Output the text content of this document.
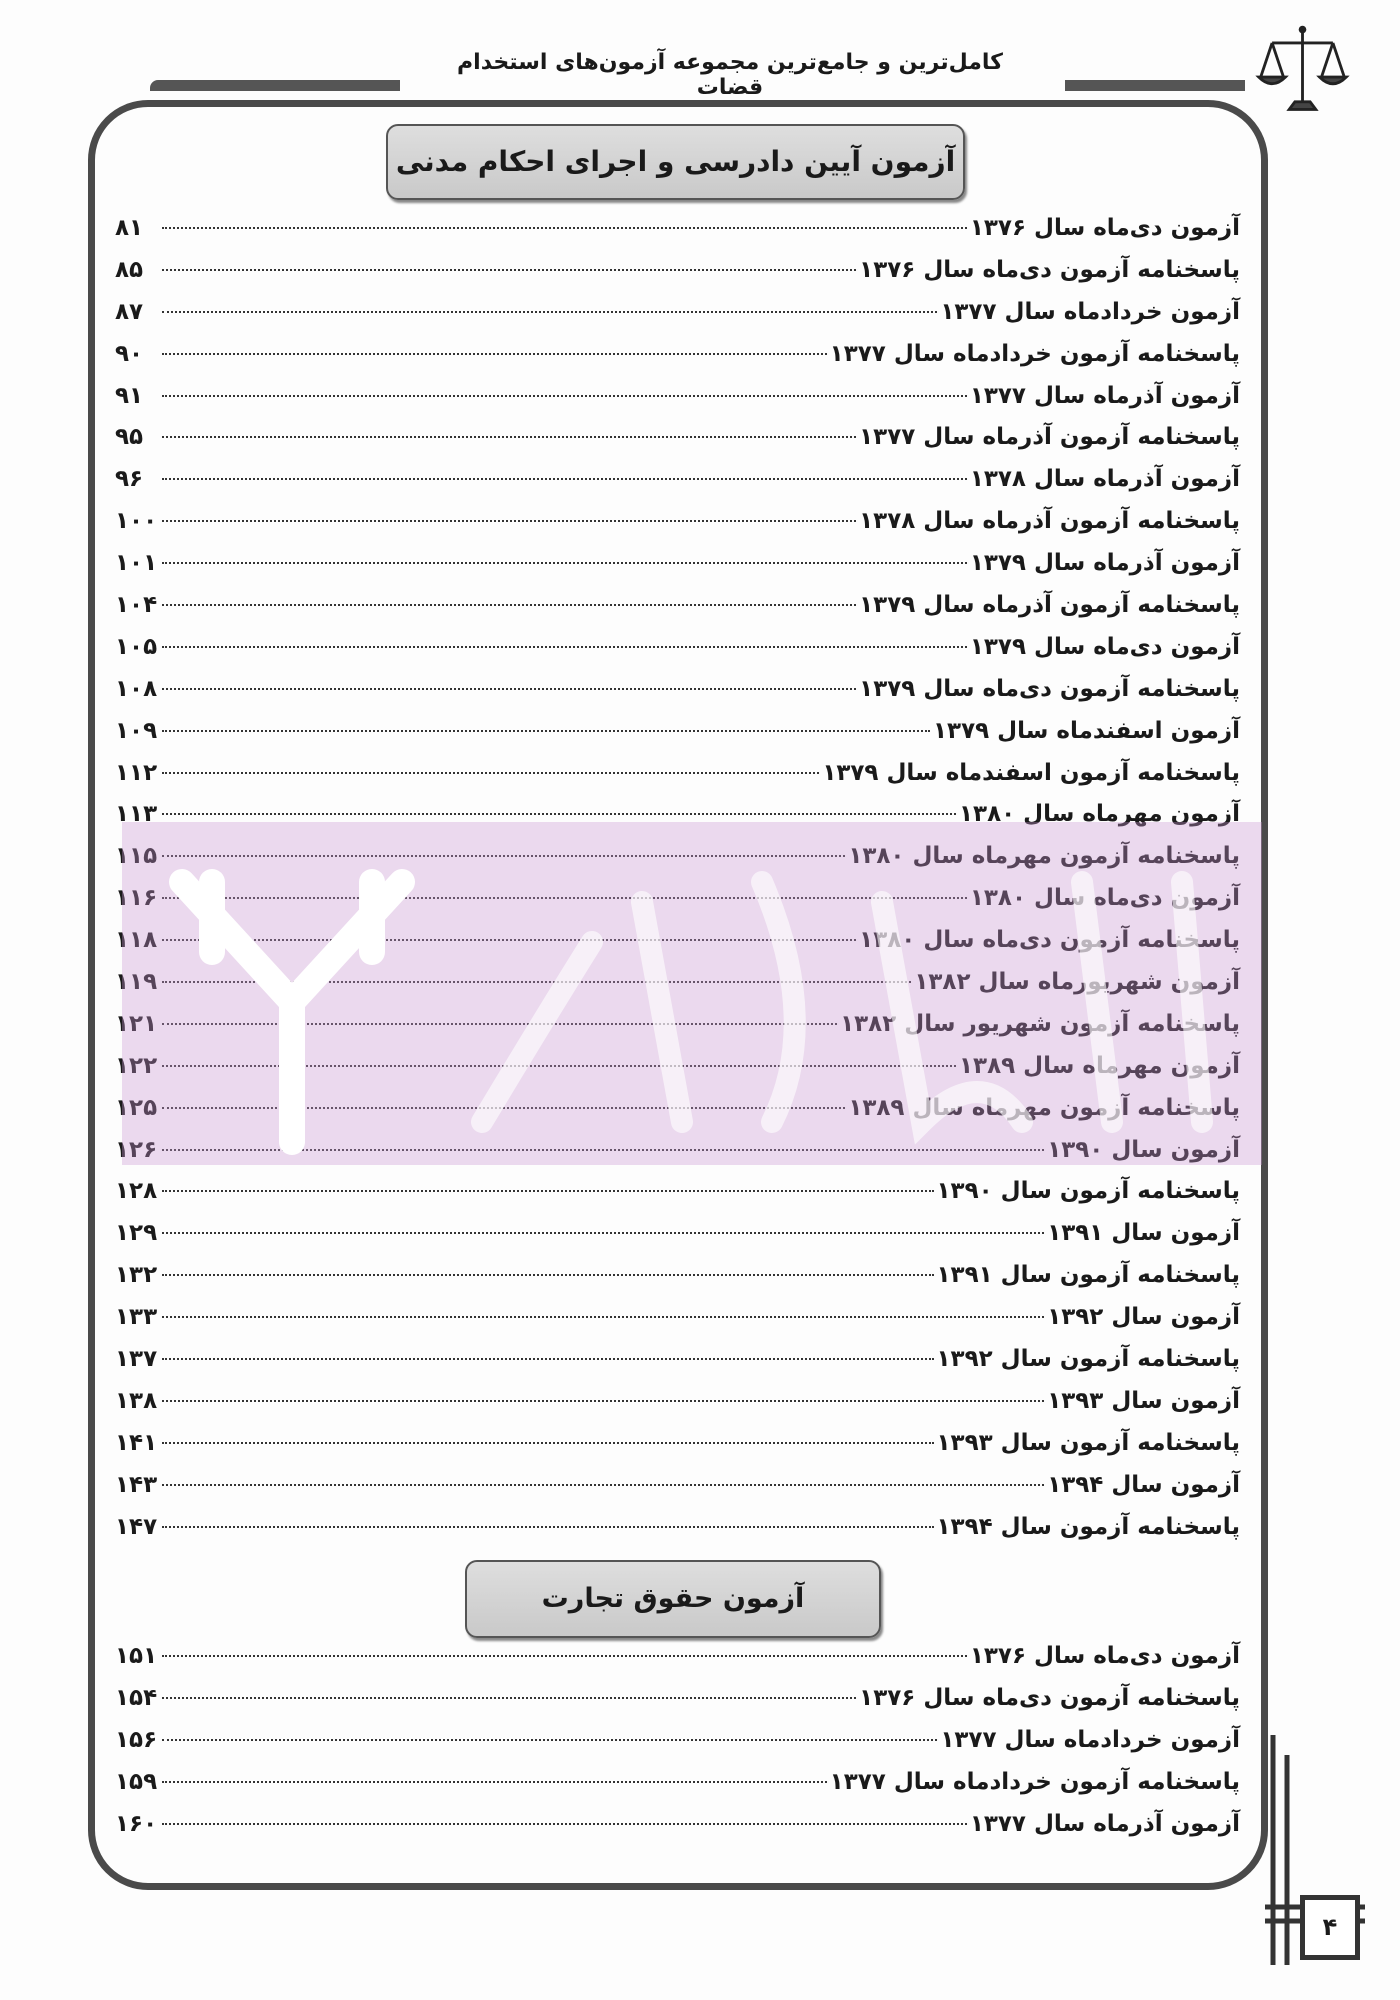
کامل‌ترین و جامع‌ترین مجموعه آزمون‌های استخدام قضات
آزمون آیین دادرسی و اجرای احکام مدنی
آزمون دی‌ماه سال ۱۳۷۶
۸۱
پاسخنامه آزمون دی‌ماه سال ۱۳۷۶
۸۵
آزمون خردادماه سال ۱۳۷۷
۸۷
پاسخنامه آزمون خردادماه سال ۱۳۷۷
۹۰
آزمون آذرماه سال ۱۳۷۷
۹۱
پاسخنامه آزمون آذرماه سال ۱۳۷۷
۹۵
آزمون آذرماه سال ۱۳۷۸
۹۶
پاسخنامه آزمون آذرماه سال ۱۳۷۸
۱۰۰
آزمون آذرماه سال ۱۳۷۹
۱۰۱
پاسخنامه آزمون آذرماه سال ۱۳۷۹
۱۰۴
آزمون دی‌ماه سال ۱۳۷۹
۱۰۵
پاسخنامه آزمون دی‌ماه سال ۱۳۷۹
۱۰۸
آزمون اسفندماه سال ۱۳۷۹
۱۰۹
پاسخنامه آزمون اسفندماه سال ۱۳۷۹
۱۱۲
آزمون مهرماه سال ۱۳۸۰
۱۱۳
پاسخنامه آزمون مهرماه سال ۱۳۸۰
۱۱۵
آزمون دی‌ماه سال ۱۳۸۰
۱۱۶
پاسخنامه آزمون دی‌ماه سال ۱۳۸۰
۱۱۸
آزمون شهریورماه سال ۱۳۸۲
۱۱۹
پاسخنامه آزمون شهریور سال ۱۳۸۲
۱۲۱
آزمون مهرماه سال ۱۳۸۹
۱۲۲
پاسخنامه آزمون مهرماه سال ۱۳۸۹
۱۲۵
آزمون سال ۱۳۹۰
۱۲۶
پاسخنامه آزمون سال ۱۳۹۰
۱۲۸
آزمون سال ۱۳۹۱
۱۲۹
پاسخنامه آزمون سال ۱۳۹۱
۱۳۲
آزمون سال ۱۳۹۲
۱۳۳
پاسخنامه آزمون سال ۱۳۹۲
۱۳۷
آزمون سال ۱۳۹۳
۱۳۸
پاسخنامه آزمون سال ۱۳۹۳
۱۴۱
آزمون سال ۱۳۹۴
۱۴۳
پاسخنامه آزمون سال ۱۳۹۴
۱۴۷
آزمون حقوق تجارت
آزمون دی‌ماه سال ۱۳۷۶
۱۵۱
پاسخنامه آزمون دی‌ماه سال ۱۳۷۶
۱۵۴
آزمون خردادماه سال ۱۳۷۷
۱۵۶
پاسخنامه آزمون خردادماه سال ۱۳۷۷
۱۵۹
آزمون آذرماه سال ۱۳۷۷
۱۶۰
۴
